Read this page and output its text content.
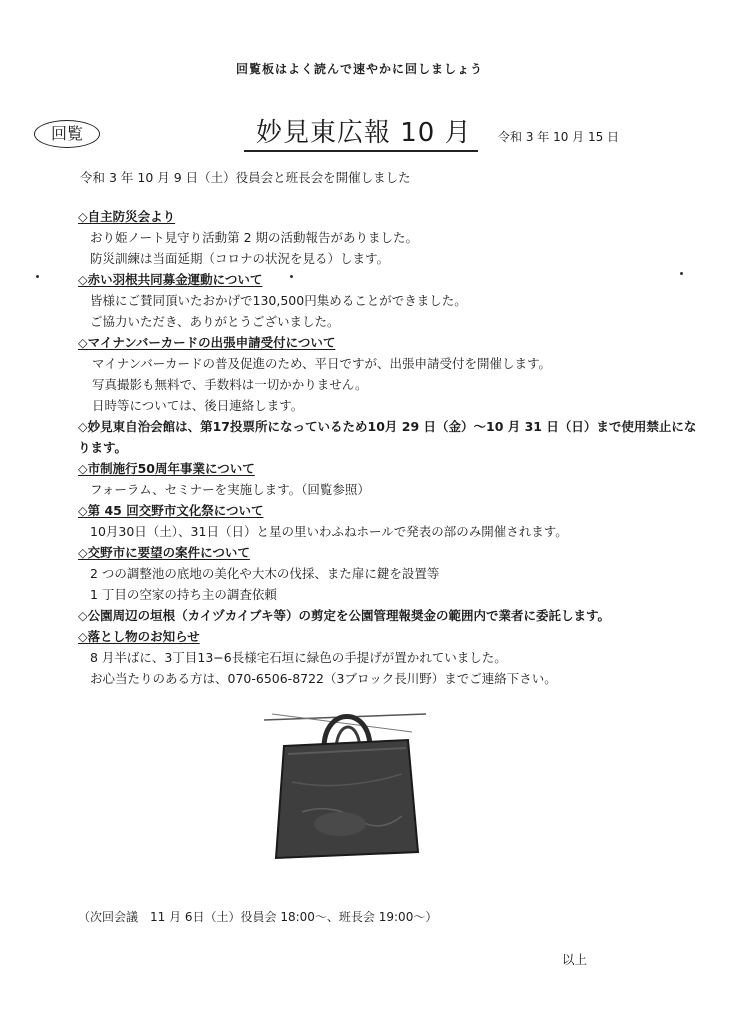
回覧板はよく読んで速やかに回しましょう
回覧	妙見東広報 10 月	令和 3 年 10 月 15 日
令和 3 年 10 月 9 日（土）役員会と班長会を開催しました
◇自主防災会より
おり姫ノート見守り活動第 2 期の活動報告がありました。
防災訓練は当面延期（コロナの状況を見る）します。
◇赤い羽根共同募金運動について
皆様にご賛同頂いたおかげで130,500円集めることができました。
ご協力いただき、ありがとうございました。
◇マイナンバーカードの出張申請受付について
マイナンバーカードの普及促進のため、平日ですが、出張申請受付を開催します。
写真撮影も無料で、手数料は一切かかりません。
日時等については、後日連絡します。
◇妙見東自治会館は、第17投票所になっているため10月 29 日（金）〜10 月 31 日（日）まで使用禁止になります。
◇市制施行50周年事業について
フォーラム、セミナーを実施します。（回覧参照）
◇第 45 回交野市文化祭について
10月30日（土）、31日（日）と星の里いわふねホールで発表の部のみ開催されます。
◇交野市に要望の案件について
2 つの調整池の底地の美化や大木の伐採、また扉に鍵を設置等
1 丁目の空家の持ち主の調査依頼
◇公園周辺の垣根（カイヅカイブキ等）の剪定を公園管理報奨金の範囲内で業者に委託します。
◇落とし物のお知らせ
8 月半ばに、3丁目13−6長様宅石垣に緑色の手提げが置かれていました。
お心当たりのある方は、070-6506-8722（3ブロック長川野）までご連絡下さい。
（次回会議　11 月 6日（土）役員会 18:00〜、班長会 19:00〜）
以上
